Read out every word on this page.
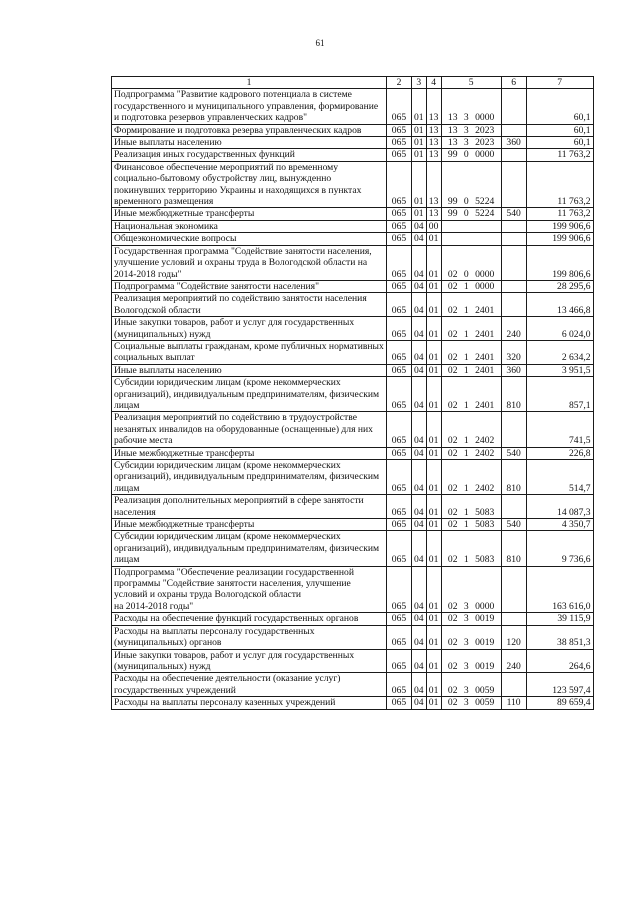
61
1	2	3	4	5	6	7
Подпрограмма "Развитие кадрового потенциала в системе государственного и муниципального управления, формирование и подготовка резервов управленческих кадров"	065	01	13	13 3 0000		60,1
Формирование и подготовка резерва управленческих кадров	065	01	13	13 3 2023		60,1
Иные выплаты населению	065	01	13	13 3 2023	360	60,1
Реализация иных государственных функций	065	01	13	99 0 0000		11 763,2
Финансовое обеспечение мероприятий по временному социально-бытовому обустройству лиц, вынужденно покинувших территорию Украины и находящихся в пунктах временного размещения	065	01	13	99 0 5224		11 763,2
Иные межбюджетные трансферты	065	01	13	99 0 5224	540	11 763,2
Национальная экономика	065	04	00			199 906,6
Общеэкономические вопросы	065	04	01			199 906,6
Государственная программа "Содействие занятости населения, улучшение условий и охраны труда в Вологодской области на 2014-2018 годы"	065	04	01	02 0 0000		199 806,6
Подпрограмма "Содействие занятости населения"	065	04	01	02 1 0000		28 295,6
Реализация мероприятий по содействию занятости населения Вологодской области	065	04	01	02 1 2401		13 466,8
Иные закупки товаров, работ и услуг для государственных (муниципальных) нужд	065	04	01	02 1 2401	240	6 024,0
Социальные выплаты гражданам, кроме публичных нормативных социальных выплат	065	04	01	02 1 2401	320	2 634,2
Иные выплаты населению	065	04	01	02 1 2401	360	3 951,5
Субсидии юридическим лицам (кроме некоммерческих организаций), индивидуальным предпринимателям, физическим лицам	065	04	01	02 1 2401	810	857,1
Реализация мероприятий по содействию в трудоустройстве незанятых инвалидов на оборудованные (оснащенные) для них рабочие места	065	04	01	02 1 2402		741,5
Иные межбюджетные трансферты	065	04	01	02 1 2402	540	226,8
Субсидии юридическим лицам (кроме некоммерческих организаций), индивидуальным предпринимателям, физическим лицам	065	04	01	02 1 2402	810	514,7
Реализация дополнительных мероприятий в сфере занятости населения	065	04	01	02 1 5083		14 087,3
Иные межбюджетные трансферты	065	04	01	02 1 5083	540	4 350,7
Субсидии юридическим лицам (кроме некоммерческих организаций), индивидуальным предпринимателям, физическим лицам	065	04	01	02 1 5083	810	9 736,6
Подпрограмма "Обеспечение реализации государственной программы "Содействие занятости населения, улучшение условий и охраны труда Вологодской области
на 2014-2018 годы"	065	04	01	02 3 0000		163 616,0
Расходы на обеспечение функций государственных органов	065	04	01	02 3 0019		39 115,9
Расходы на выплаты персоналу государственных (муниципальных) органов	065	04	01	02 3 0019	120	38 851,3
Иные закупки товаров, работ и услуг для государственных (муниципальных) нужд	065	04	01	02 3 0019	240	264,6
Расходы на обеспечение деятельности (оказание услуг) государственных учреждений	065	04	01	02 3 0059		123 597,4
Расходы на выплаты персоналу казенных учреждений	065	04	01	02 3 0059	110	89 659,4
